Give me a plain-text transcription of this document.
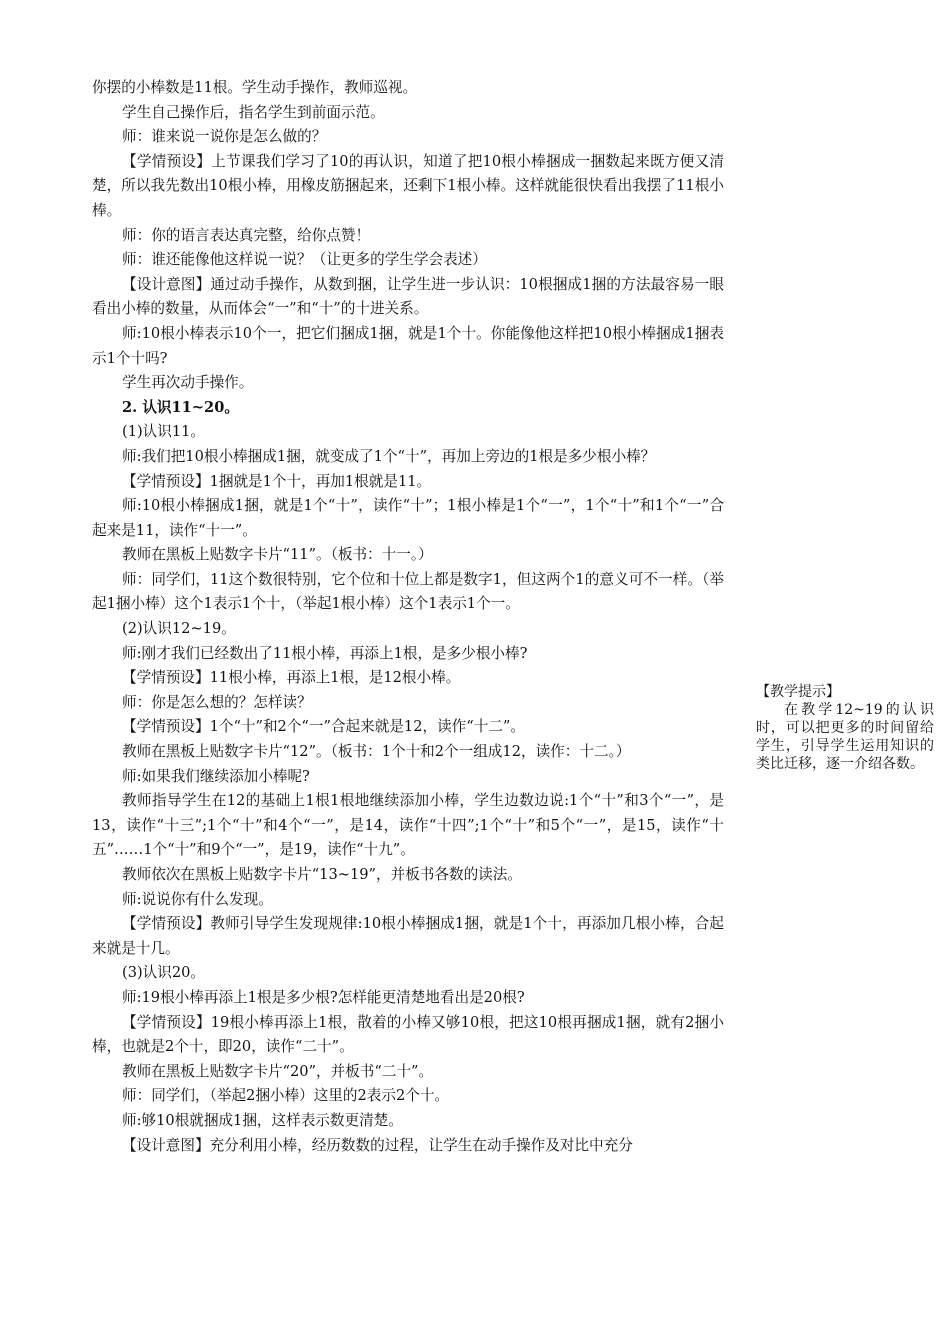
你摆的小棒数是11根。学生动手操作，教师巡视。

学生自己操作后，指名学生到前面示范。

师：谁来说一说你是怎么做的？

【学情预设】上节课我们学习了10的再认识，知道了把10根小棒捆成一捆数起来既方便又清楚，所以我先数出10根小棒，用橡皮筋捆起来，还剩下1根小棒。这样就能很快看出我摆了11根小棒。

师：你的语言表达真完整，给你点赞！

师：谁还能像他这样说一说？（让更多的学生学会表述）

【设计意图】通过动手操作，从数到捆，让学生进一步认识：10根捆成1捆的方法最容易一眼看出小棒的数量，从而体会“一”和“十”的十进关系。

师:10根小棒表示10个一，把它们捆成1捆，就是1个十。你能像他这样把10根小棒捆成1捆表示1个十吗?

学生再次动手操作。

2. 认识11~20。

(1)认识11。

师:我们把10根小棒捆成1捆，就变成了1个“十”，再加上旁边的1根是多少根小棒？

【学情预设】1捆就是1个十，再加1根就是11。

师:10根小棒捆成1捆，就是1个“十”，读作“十”；1根小棒是1个“一”，1个“十”和1个“一”合起来是11，读作“十一”。

教师在黑板上贴数字卡片“11”。（板书：十一。）

师：同学们，11这个数很特别，它个位和十位上都是数字1，但这两个1的意义可不一样。（举起1捆小棒）这个1表示1个十，（举起1根小棒）这个1表示1个一。

(2)认识12~19。

师:刚才我们已经数出了11根小棒，再添上1根，是多少根小棒?

【学情预设】11根小棒，再添上1根，是12根小棒。

师：你是怎么想的？怎样读？

【学情预设】1个“十”和2个“一”合起来就是12，读作“十二”。

教师在黑板上贴数字卡片“12”。（板书：1个十和2个一组成12，读作：十二。）

师:如果我们继续添加小棒呢?

教师指导学生在12的基础上1根1根地继续添加小棒，学生边数边说:1个“十”和3个“一”，是13，读作“十三”;1个“十”和4个“一”，是14，读作“十四”;1个“十”和5个“一”，是15，读作“十五”……1个“十”和9个“一”，是19，读作“十九”。

教师依次在黑板上贴数字卡片“13~19”，并板书各数的读法。

师:说说你有什么发现。

【学情预设】教师引导学生发现规律:10根小棒捆成1捆，就是1个十，再添加几根小棒，合起来就是十几。

(3)认识20。

师:19根小棒再添上1根是多少根?怎样能更清楚地看出是20根?

【学情预设】19根小棒再添上1根，散着的小棒又够10根，把这10根再捆成1捆，就有2捆小棒，也就是2个十，即20，读作“二十”。

教师在黑板上贴数字卡片“20”，并板书“二十”。

师：同学们，（举起2捆小棒）这里的2表示2个十。

师:够10根就捆成1捆，这样表示数更清楚。

【设计意图】充分利用小棒，经历数数的过程，让学生在动手操作及对比中充分

【教学提示】

在教学12~19的认识时，可以把更多的时间留给学生，引导学生运用知识的类比迁移，逐一介绍各数。
